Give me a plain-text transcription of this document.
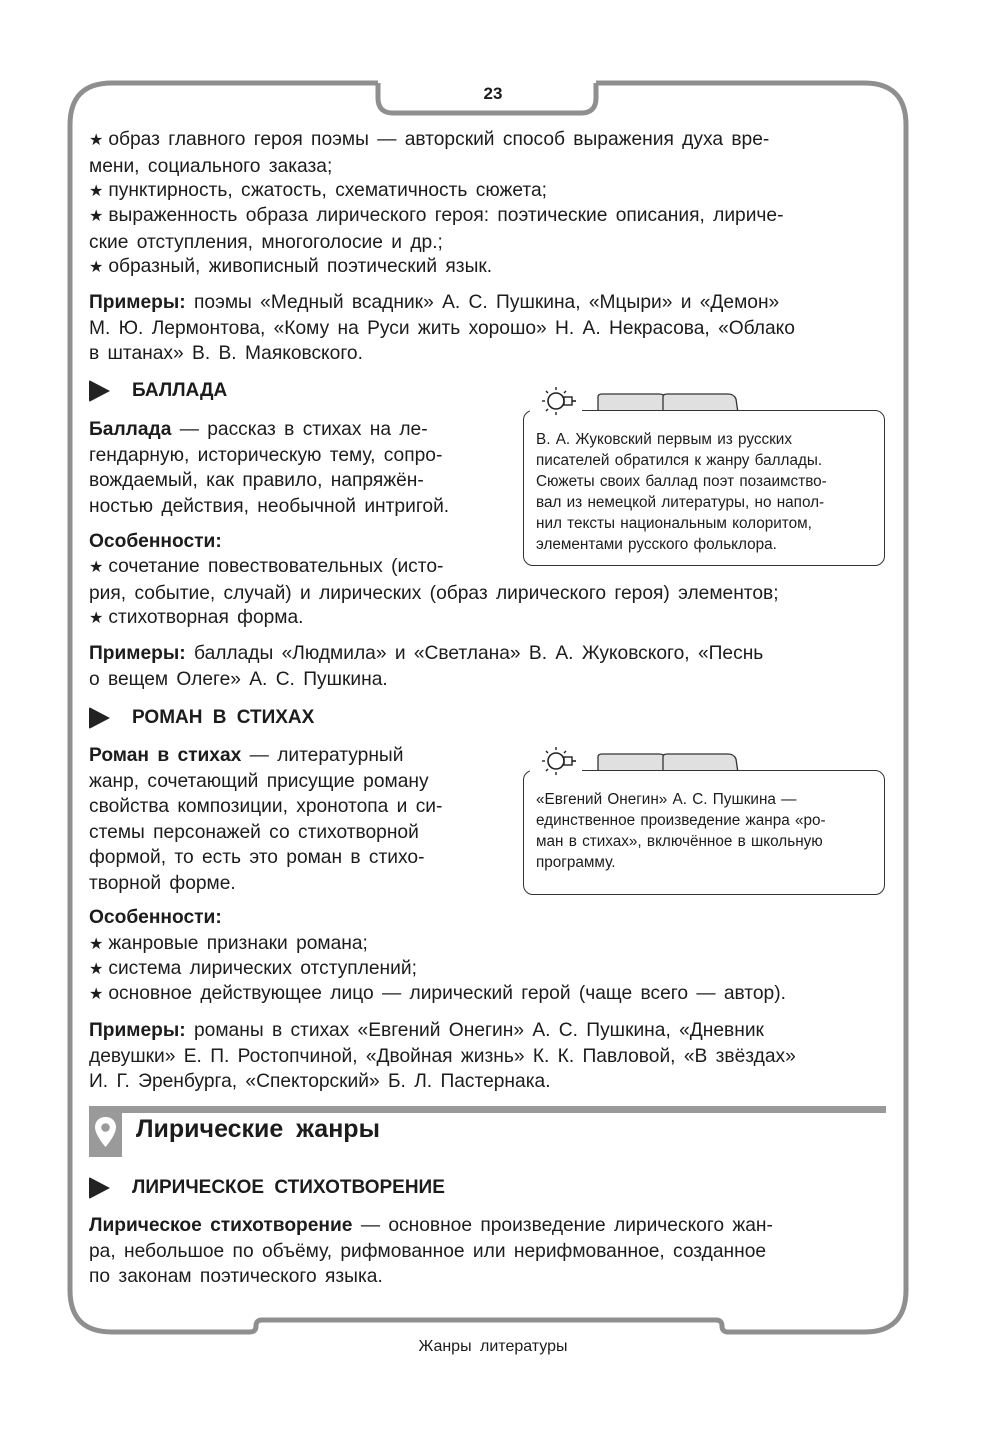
23

★ образ главного героя поэмы — авторский способ выражения духа вре-
мени, социального заказа;

★ пунктирность, сжатость, схематичность сюжета;

★ выраженность образа лирического героя: поэтические описания, лириче-
ские отступления, многоголосие и др.;

★ образный, живописный поэтический язык.

Примеры: поэмы «Медный всадник» А. С. Пушкина, «Мцыри» и «Демон»
М. Ю. Лермонтова, «Кому на Руси жить хорошо» Н. А. Некрасова, «Облако
в штанах» В. В. Маяковского.

БАЛЛАДА

Баллада — рассказ в стихах на ле-
гендарную, историческую тему, сопро-
вождаемый, как правило, напряжён-
ностью действия, необычной интригой.

Особенности:

★ сочетание повествовательных (исто-
рия, событие, случай) и лирических (образ лирического героя) элементов;

★ стихотворная форма.

Примеры: баллады «Людмила» и «Светлана» В. А. Жуковского, «Песнь
о вещем Олеге» А. С. Пушкина.

В. А. Жуковский первым из русских
писателей обратился к жанру баллады.
Сюжеты своих баллад поэт позаимство-
вал из немецкой литературы, но напол-
нил тексты национальным колоритом,
элементами русского фольклора.
РОМАН В СТИХАХ

Роман в стихах — литературный
жанр, сочетающий присущие роману
свойства композиции, хронотопа и си-
стемы персонажей со стихотворной
формой, то есть это роман в стихо-
творной форме.

Особенности:

★ жанровые признаки романа;

★ система лирических отступлений;

★ основное действующее лицо — лирический герой (чаще всего — автор).

Примеры: романы в стихах «Евгений Онегин» А. С. Пушкина, «Дневник
девушки» Е. П. Ростопчиной, «Двойная жизнь» К. К. Павловой, «В звёздах»
И. Г. Эренбурга, «Спекторский» Б. Л. Пастернака.

«Евгений Онегин» А. С. Пушкина —
единственное произведение жанра «ро-
ман в стихах», включённое в школьную
программу.
Лирические жанры
ЛИРИЧЕСКОЕ СТИХОТВОРЕНИЕ

Лирическое стихотворение — основное произведение лирического жан-
ра, небольшое по объёму, рифмованное или нерифмованное, созданное
по законам поэтического языка.

Жанры литературы
